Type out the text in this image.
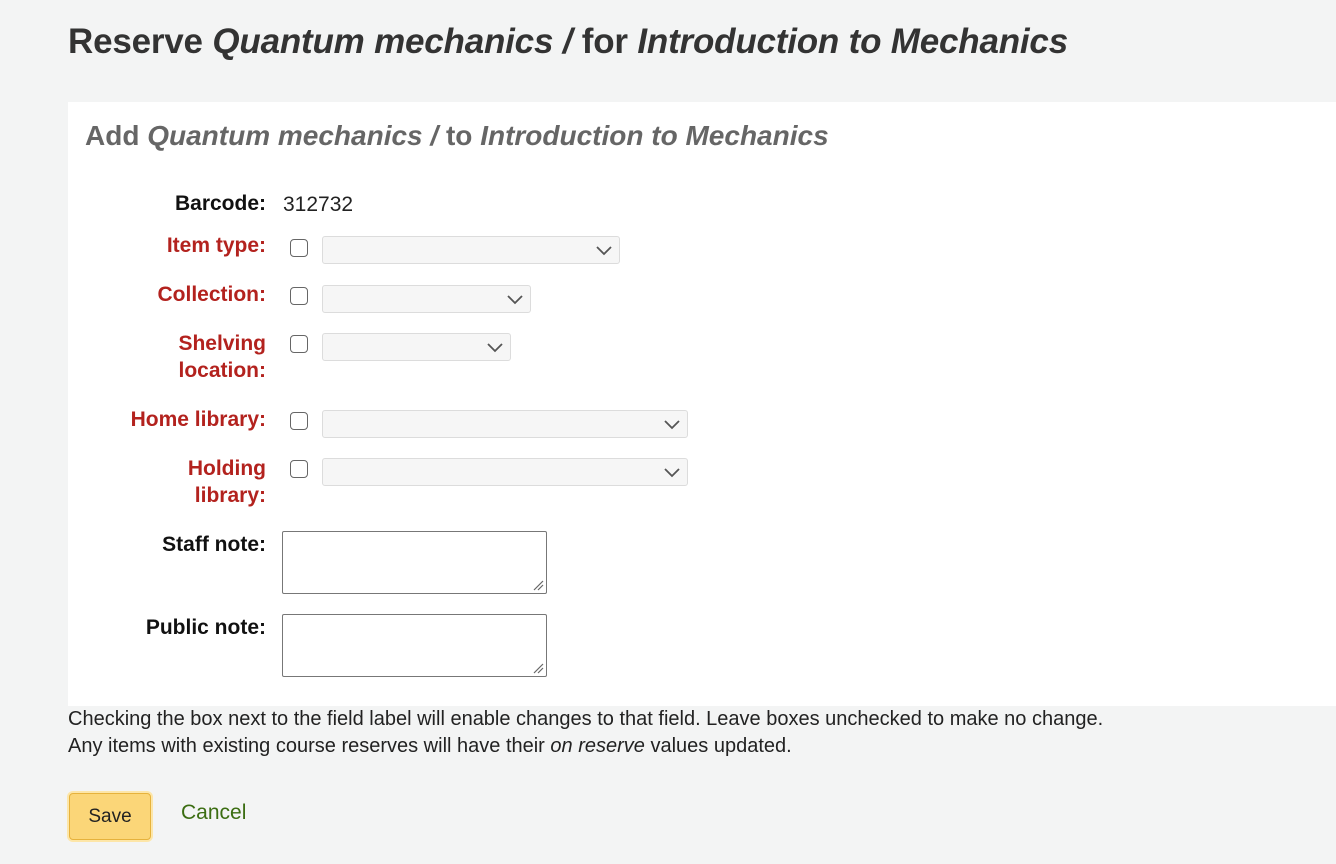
Reserve Quantum mechanics / for Introduction to Mechanics
Add Quantum mechanics / to Introduction to Mechanics
Barcode: 312732
Item type:
Collection:
Shelving
location:
Home library:
Holding
library:
Staff note:
Public note:
Checking the box next to the field label will enable changes to that field. Leave boxes unchecked to make no change.
Any items with existing course reserves will have their on reserve values updated.
Save	Cancel
